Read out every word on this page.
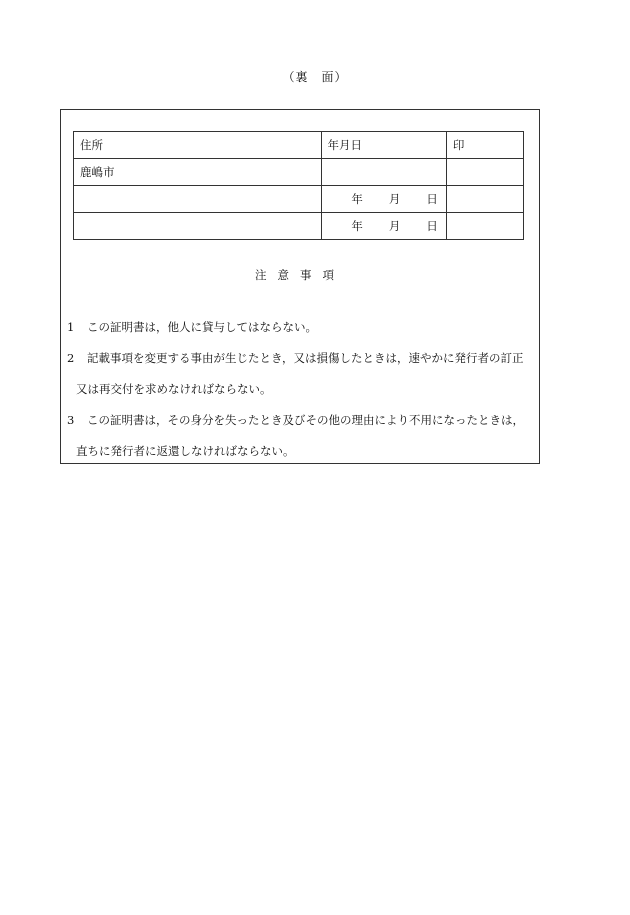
（裏　面）
住所	年月日	印
鹿嶋市		

	年 月 日	

	年 月 日	

注意事項
1 この証明書は，他人に貸与してはならない。
2 記載事項を変更する事由が生じたとき，又は損傷したときは，速やかに発行者の訂正
又は再交付を求めなければならない。
3 この証明書は，その身分を失ったとき及びその他の理由により不用になったときは，
直ちに発行者に返還しなければならない。
